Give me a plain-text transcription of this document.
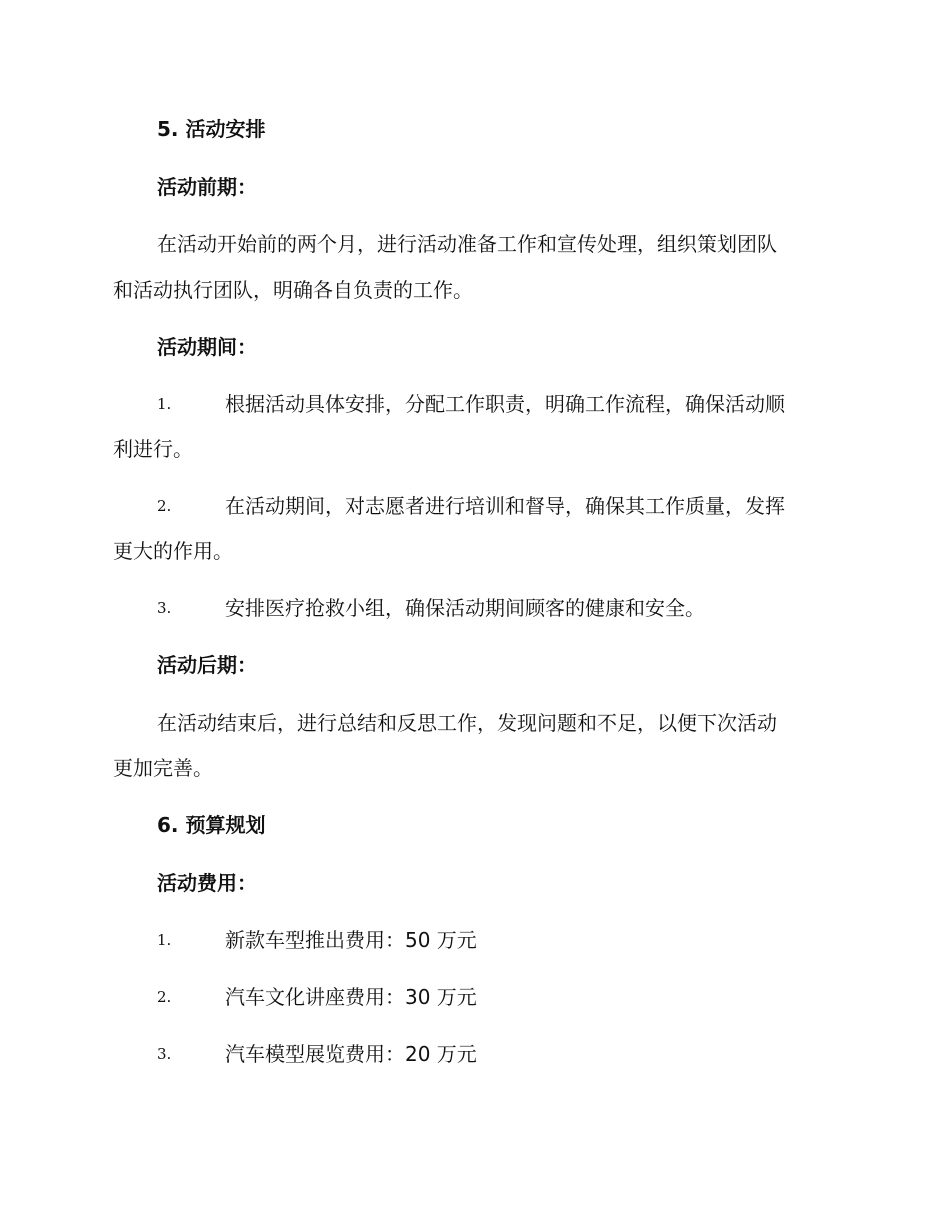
5. 活动安排
活动前期：
在活动开始前的两个月，进行活动准备工作和宣传处理，组织策划团队
和活动执行团队，明确各自负责的工作。
活动期间：
1.	根据活动具体安排，分配工作职责，明确工作流程，确保活动顺
利进行。
2.	在活动期间，对志愿者进行培训和督导，确保其工作质量，发挥
更大的作用。
3.	安排医疗抢救小组，确保活动期间顾客的健康和安全。
活动后期：
在活动结束后，进行总结和反思工作，发现问题和不足，以便下次活动
更加完善。
6. 预算规划
活动费用：
1.	新款车型推出费用：50 万元
2.	汽车文化讲座费用：30 万元
3.	汽车模型展览费用：20 万元
